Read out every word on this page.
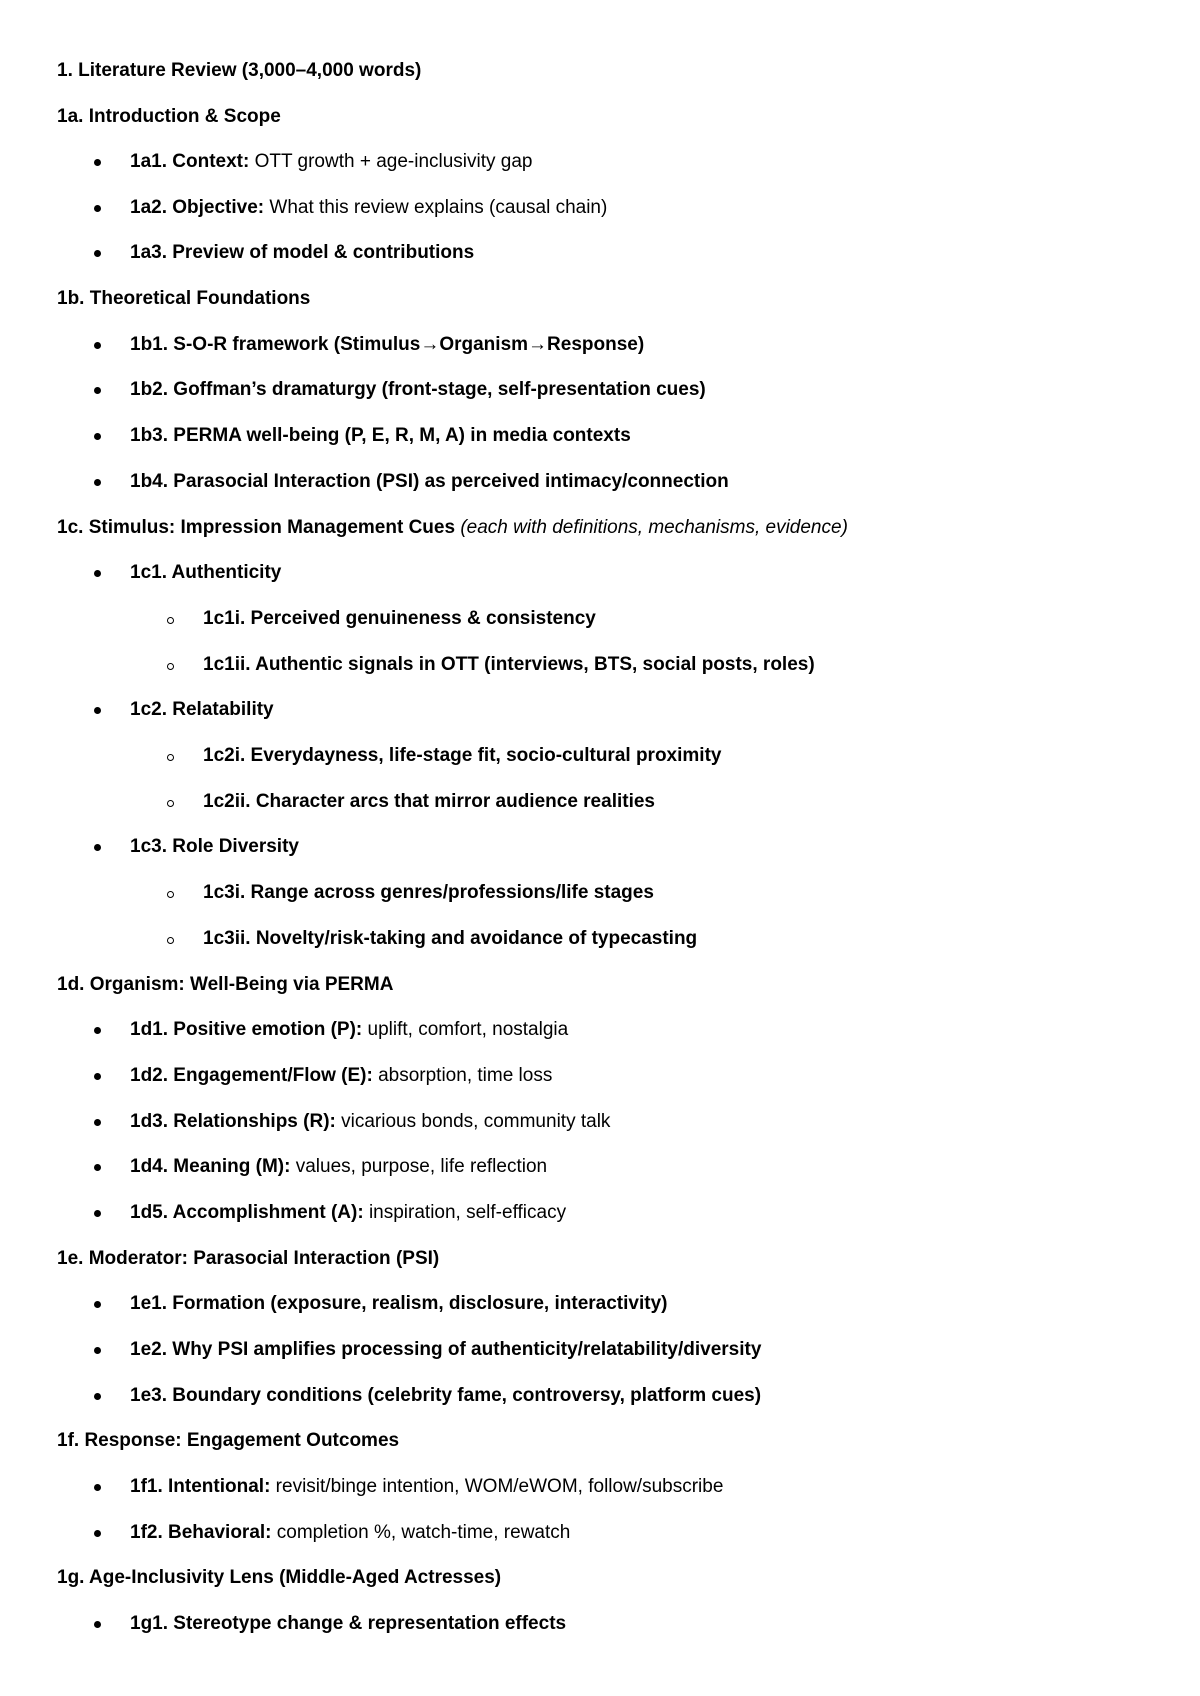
1. Literature Review (3,000–4,000 words)
1a. Introduction & Scope
1a1. Context: OTT growth + age-inclusivity gap
1a2. Objective: What this review explains (causal chain)
1a3. Preview of model & contributions
1b. Theoretical Foundations
1b1. S-O-R framework (Stimulus→Organism→Response)
1b2. Goffman’s dramaturgy (front-stage, self-presentation cues)
1b3. PERMA well-being (P, E, R, M, A) in media contexts
1b4. Parasocial Interaction (PSI) as perceived intimacy/connection
1c. Stimulus: Impression Management Cues (each with definitions, mechanisms, evidence)
1c1. Authenticity
1c1i. Perceived genuineness & consistency
1c1ii. Authentic signals in OTT (interviews, BTS, social posts, roles)
1c2. Relatability
1c2i. Everydayness, life-stage fit, socio-cultural proximity
1c2ii. Character arcs that mirror audience realities
1c3. Role Diversity
1c3i. Range across genres/professions/life stages
1c3ii. Novelty/risk-taking and avoidance of typecasting
1d. Organism: Well-Being via PERMA
1d1. Positive emotion (P): uplift, comfort, nostalgia
1d2. Engagement/Flow (E): absorption, time loss
1d3. Relationships (R): vicarious bonds, community talk
1d4. Meaning (M): values, purpose, life reflection
1d5. Accomplishment (A): inspiration, self-efficacy
1e. Moderator: Parasocial Interaction (PSI)
1e1. Formation (exposure, realism, disclosure, interactivity)
1e2. Why PSI amplifies processing of authenticity/relatability/diversity
1e3. Boundary conditions (celebrity fame, controversy, platform cues)
1f. Response: Engagement Outcomes
1f1. Intentional: revisit/binge intention, WOM/eWOM, follow/subscribe
1f2. Behavioral: completion %, watch-time, rewatch
1g. Age-Inclusivity Lens (Middle-Aged Actresses)
1g1. Stereotype change & representation effects
